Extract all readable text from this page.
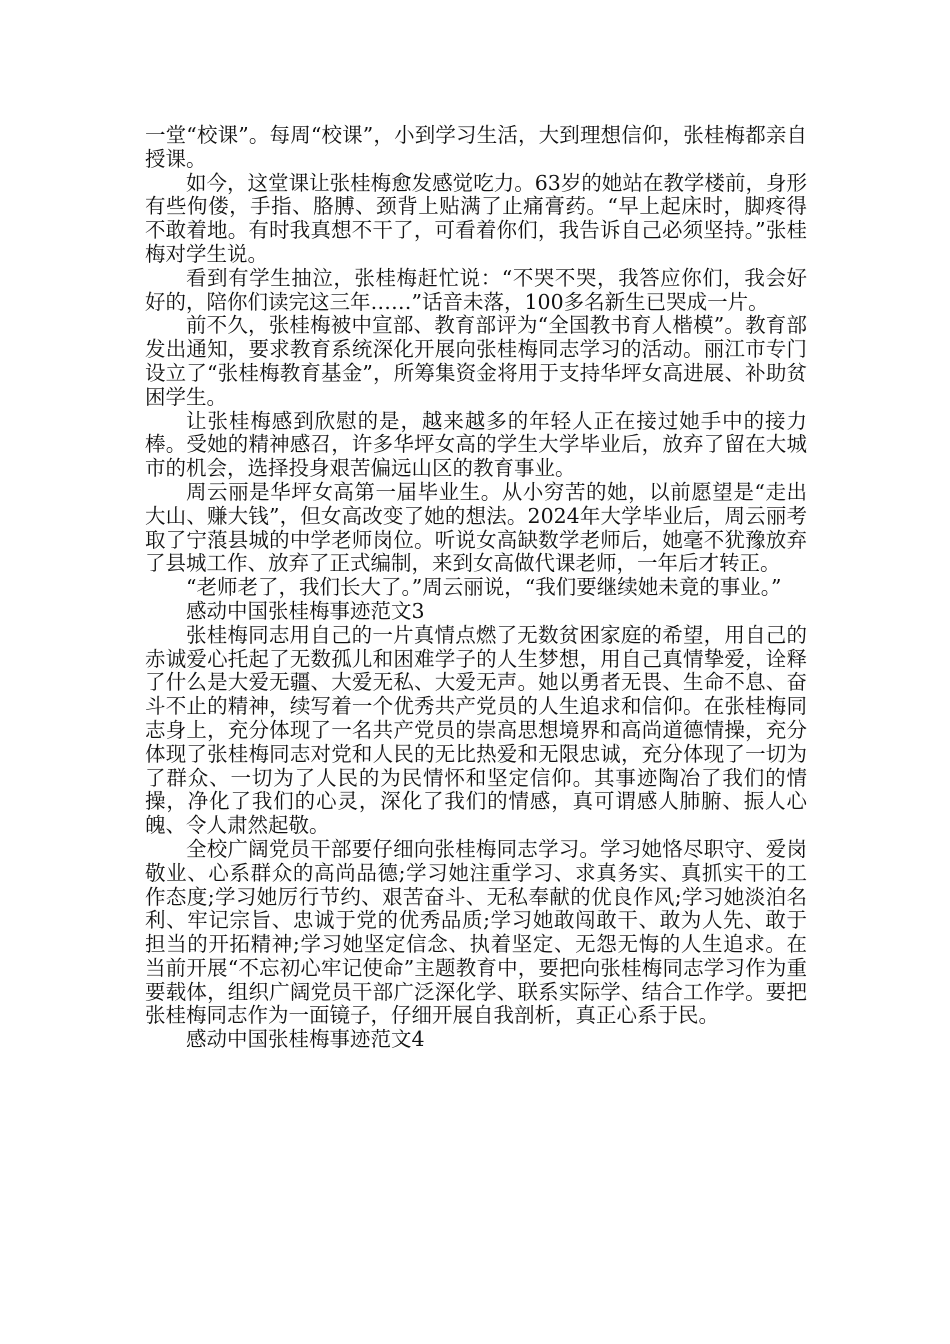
一堂“校课”。每周“校课”，小到学习生活，大到理想信仰，张桂梅都亲自授课。

如今，这堂课让张桂梅愈发感觉吃力。63岁的她站在教学楼前，身形有些佝偻，手指、胳膊、颈背上贴满了止痛膏药。“早上起床时，脚疼得不敢着地。有时我真想不干了，可看着你们，我告诉自己必须坚持。”张桂梅对学生说。

看到有学生抽泣，张桂梅赶忙说：“不哭不哭，我答应你们，我会好好的，陪你们读完这三年……”话音未落，100多名新生已哭成一片。

前不久，张桂梅被中宣部、教育部评为“全国教书育人楷模”。教育部发出通知，要求教育系统深化开展向张桂梅同志学习的活动。丽江市专门设立了“张桂梅教育基金”，所筹集资金将用于支持华坪女高进展、补助贫困学生。

让张桂梅感到欣慰的是，越来越多的年轻人正在接过她手中的接力棒。受她的精神感召，许多华坪女高的学生大学毕业后，放弃了留在大城市的机会，选择投身艰苦偏远山区的教育事业。

周云丽是华坪女高第一届毕业生。从小穷苦的她，以前愿望是“走出大山、赚大钱”，但女高改变了她的想法。2024年大学毕业后，周云丽考取了宁蒗县城的中学老师岗位。听说女高缺数学老师后，她毫不犹豫放弃了县城工作、放弃了正式编制，来到女高做代课老师，一年后才转正。

“老师老了，我们长大了。”周云丽说，“我们要继续她未竟的事业。”

感动中国张桂梅事迹范文3

张桂梅同志用自己的一片真情点燃了无数贫困家庭的希望，用自己的赤诚爱心托起了无数孤儿和困难学子的人生梦想，用自己真情挚爱，诠释了什么是大爱无疆、大爱无私、大爱无声。她以勇者无畏、生命不息、奋斗不止的精神，续写着一个优秀共产党员的人生追求和信仰。在张桂梅同志身上，充分体现了一名共产党员的崇高思想境界和高尚道德情操，充分体现了张桂梅同志对党和人民的无比热爱和无限忠诚，充分体现了一切为了群众、一切为了人民的为民情怀和坚定信仰。其事迹陶冶了我们的情操，净化了我们的心灵，深化了我们的情感，真可谓感人肺腑、振人心魄、令人肃然起敬。

全校广阔党员干部要仔细向张桂梅同志学习。学习她恪尽职守、爱岗敬业、心系群众的高尚品德;学习她注重学习、求真务实、真抓实干的工作态度;学习她厉行节约、艰苦奋斗、无私奉献的优良作风;学习她淡泊名利、牢记宗旨、忠诚于党的优秀品质;学习她敢闯敢干、敢为人先、敢于担当的开拓精神;学习她坚定信念、执着坚定、无怨无悔的人生追求。在当前开展“不忘初心牢记使命”主题教育中，要把向张桂梅同志学习作为重要载体，组织广阔党员干部广泛深化学、联系实际学、结合工作学。要把张桂梅同志作为一面镜子，仔细开展自我剖析，真正心系于民。

感动中国张桂梅事迹范文4
